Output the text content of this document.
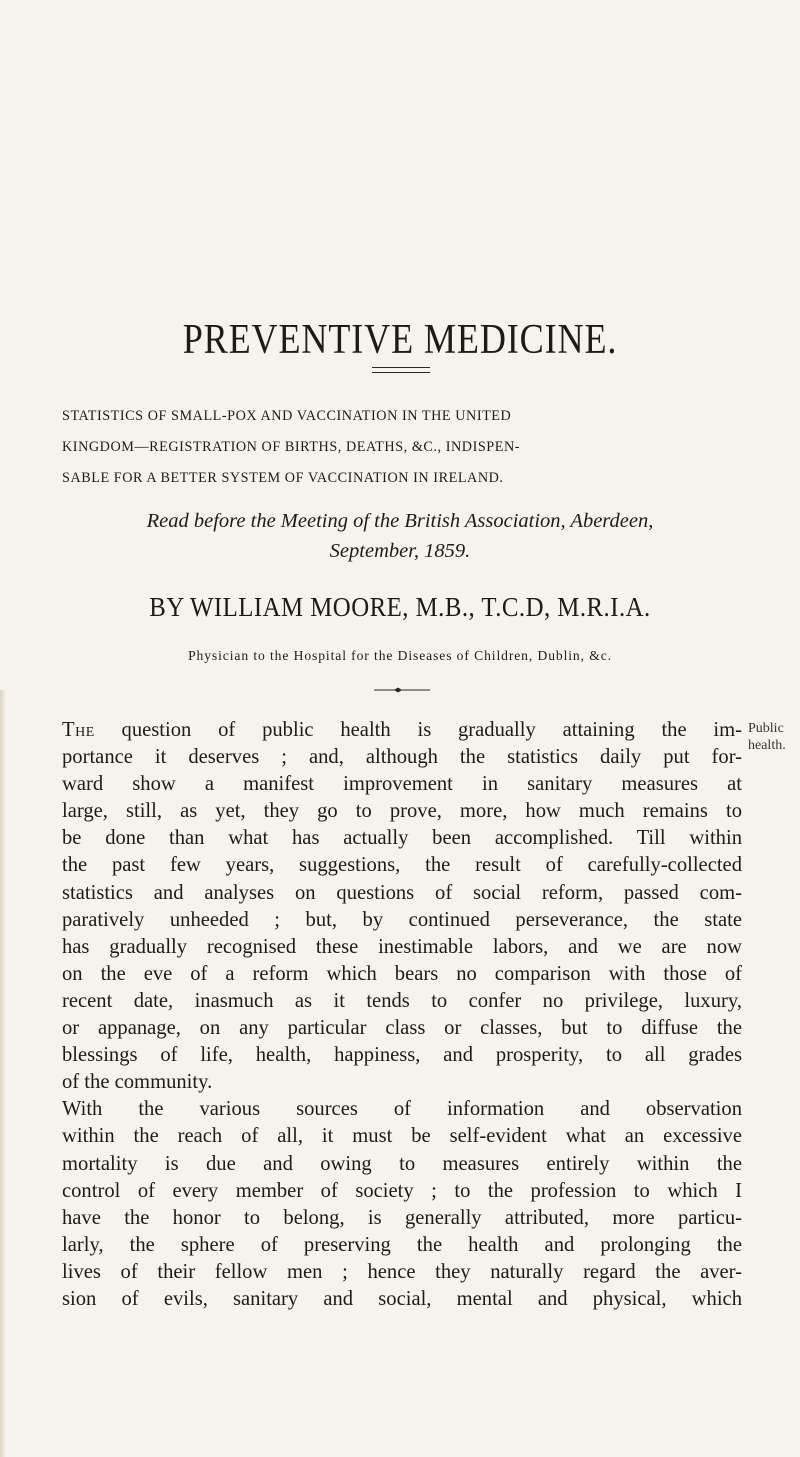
PREVENTIVE MEDICINE.
STATISTICS OF SMALL-POX AND VACCINATION IN THE UNITED
KINGDOM—REGISTRATION OF BIRTHS, DEATHS, &C., INDISPEN-
SABLE FOR A BETTER SYSTEM OF VACCINATION IN IRELAND.
Read before the Meeting of the British Association, Aberdeen,
September, 1859.
BY WILLIAM MOORE, M.B., T.C.D, M.R.I.A.
Physician to the Hospital for the Diseases of Children, Dublin, &c.
Public
health.

The question of public health is gradually attaining the im-
portance it deserves ; and, although the statistics daily put for-
ward show a manifest improvement in sanitary measures at
large, still, as yet, they go to prove, more, how much remains to
be done than what has actually been accomplished. Till within
the past few years, suggestions, the result of carefully-collected
statistics and analyses on questions of social reform, passed com-
paratively unheeded ; but, by continued perseverance, the state
has gradually recognised these inestimable labors, and we are now
on the eve of a reform which bears no comparison with those of
recent date, inasmuch as it tends to confer no privilege, luxury,
or appanage, on any particular class or classes, but to diffuse the
blessings of life, health, happiness, and prosperity, to all grades
of the community.

With the various sources of information and observation
within the reach of all, it must be self-evident what an excessive
mortality is due and owing to measures entirely within the
control of every member of society ; to the profession to which I
have the honor to belong, is generally attributed, more particu-
larly, the sphere of preserving the health and prolonging the
lives of their fellow men ; hence they naturally regard the aver-
sion of evils, sanitary and social, mental and physical, which
